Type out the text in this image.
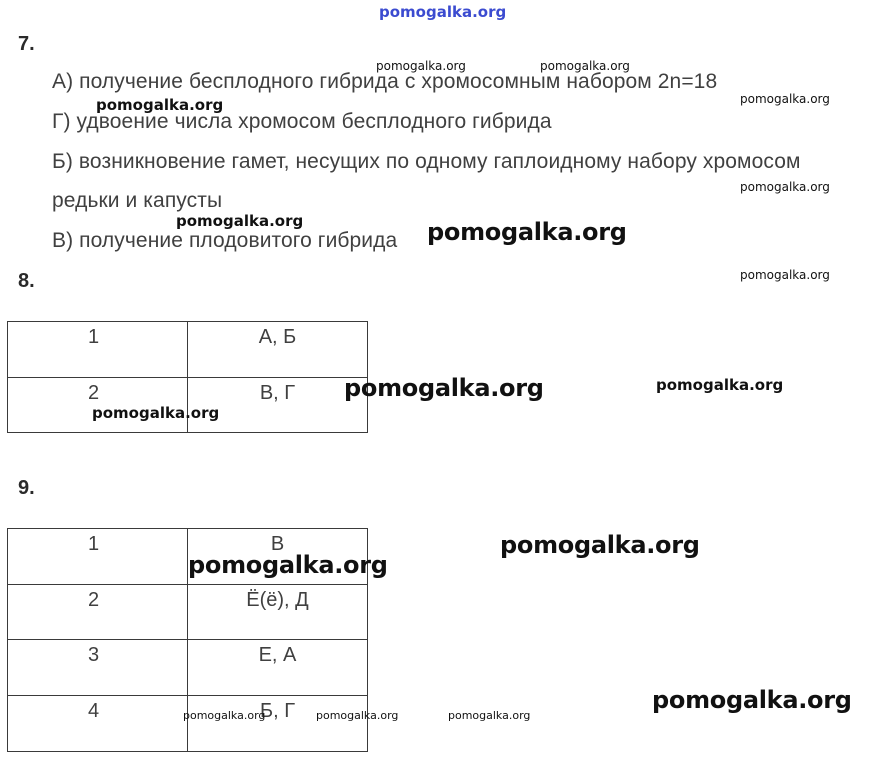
pomogalka.org
7.
А) получение бесплодного гибрида с хромосомным набором 2n=18
Г) удвоение числа хромосом бесплодного гибрида
Б) возникновение гамет, несущих по одному гаплоидному набору хромосом
редьки и капусты
В) получение плодовитого гибрида
8.
1	А, Б
2	В, Г
9.
1	В
2	Ё(ё), Д
3	Е, А
4	Б, Г
pomogalka.org	pomogalka.org
pomogalka.org	pomogalka.org
pomogalka.org
pomogalka.org	pomogalka.org
pomogalka.org
pomogalka.org	pomogalka.org
pomogalka.org
pomogalka.org
pomogalka.org
pomogalka.org
pomogalka.org	pomogalka.org	pomogalka.org
